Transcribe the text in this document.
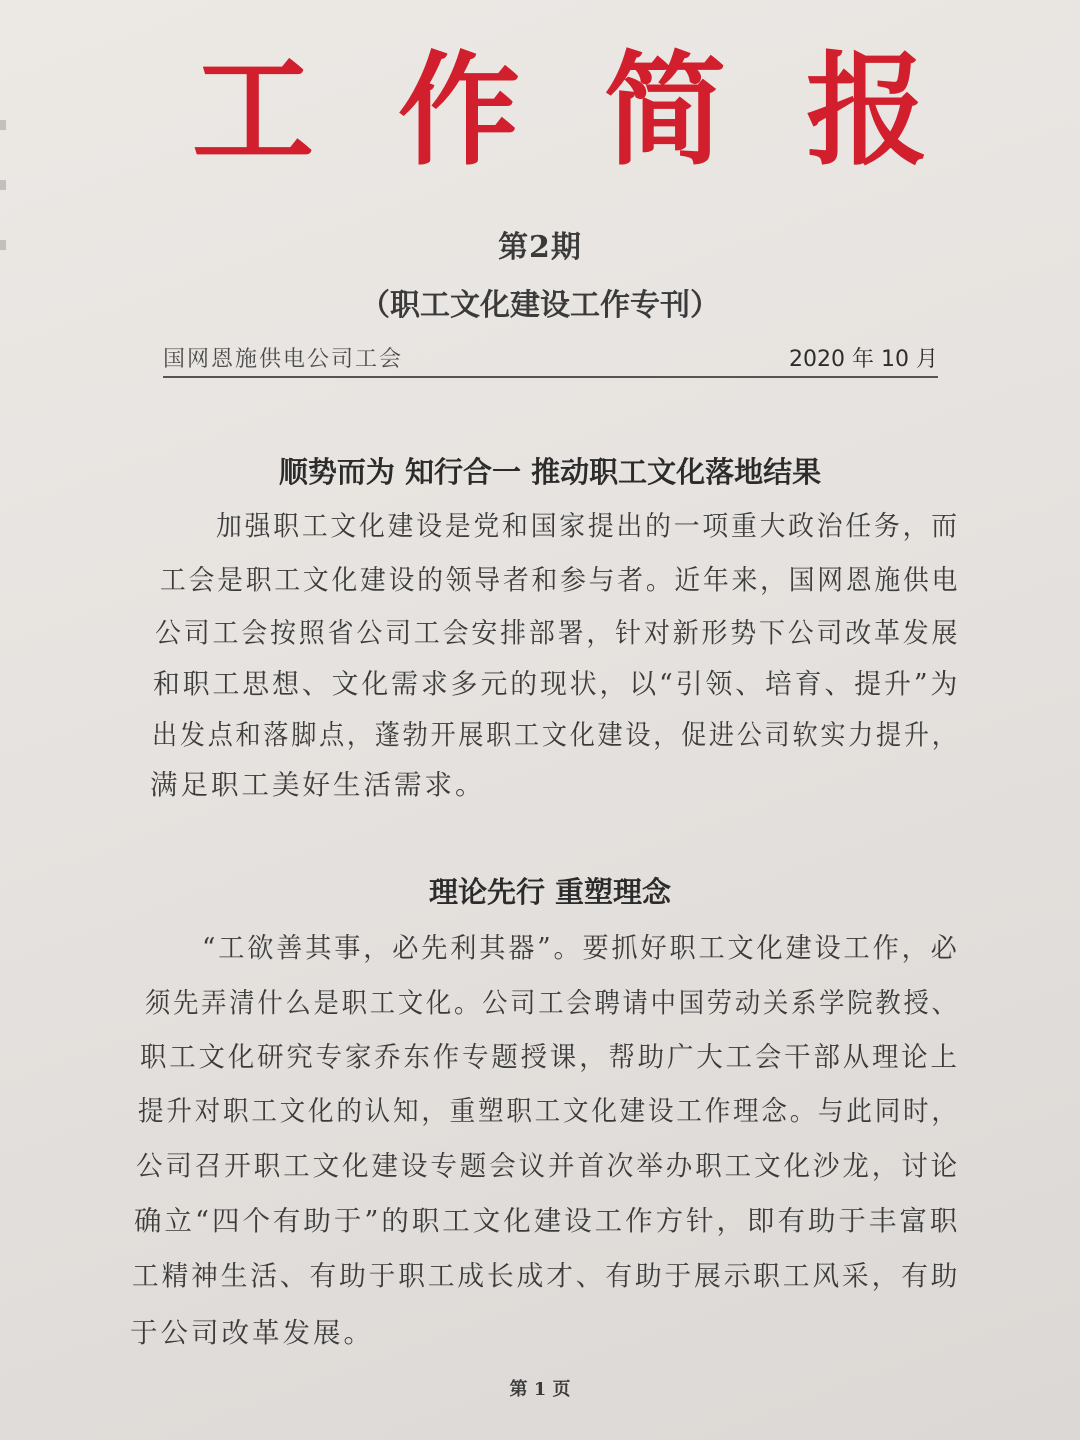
工 作 简 报
第2期
（职工文化建设工作专刊）
国网恩施供电公司工会	2020 年 10 月
顺势而为 知行合一 推动职工文化落地结果
加强职工文化建设是党和国家提出的一项重大政治任务，而
工会是职工文化建设的领导者和参与者。近年来，国网恩施供电
公司工会按照省公司工会安排部署，针对新形势下公司改革发展
和职工思想、文化需求多元的现状，以“引领、培育、提升”为
出发点和落脚点，蓬勃开展职工文化建设，促进公司软实力提升，
满足职工美好生活需求。
理论先行 重塑理念
“工欲善其事，必先利其器”。要抓好职工文化建设工作，必
须先弄清什么是职工文化。公司工会聘请中国劳动关系学院教授、
职工文化研究专家乔东作专题授课，帮助广大工会干部从理论上
提升对职工文化的认知，重塑职工文化建设工作理念。与此同时，
公司召开职工文化建设专题会议并首次举办职工文化沙龙，讨论
确立“四个有助于”的职工文化建设工作方针，即有助于丰富职
工精神生活、有助于职工成长成才、有助于展示职工风采，有助
于公司改革发展。
第 1 页
